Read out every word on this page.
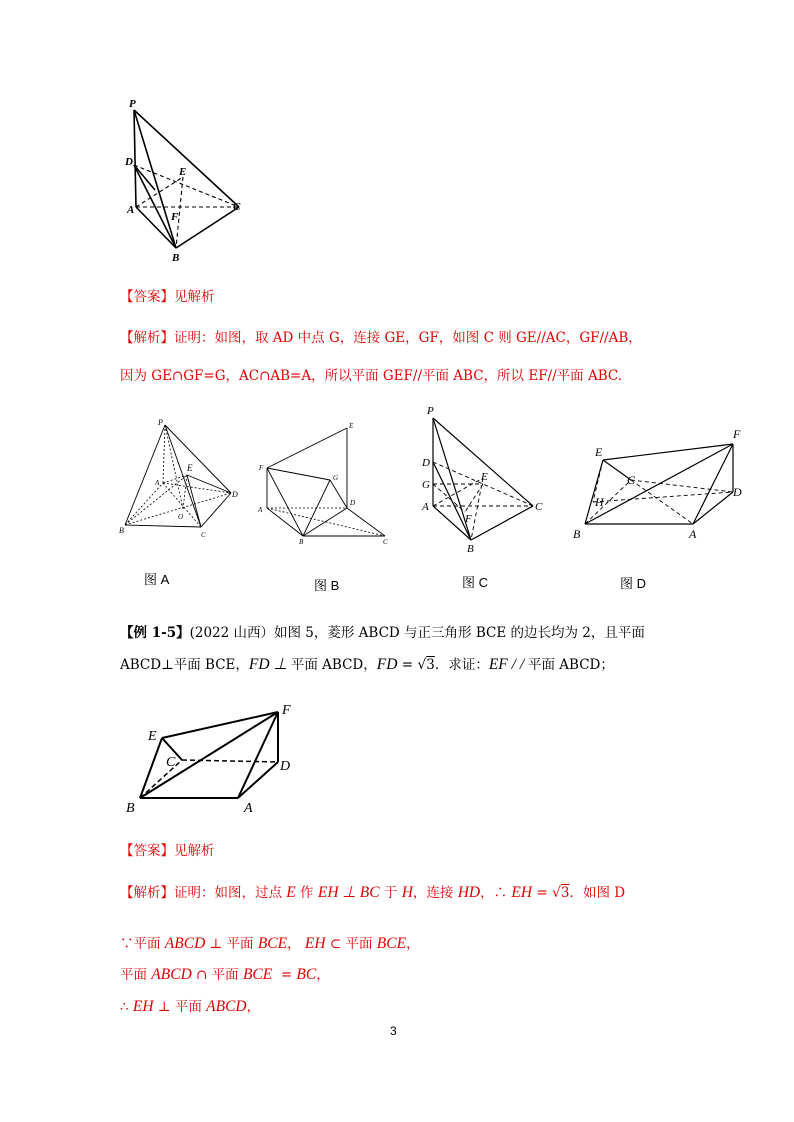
P
D
E
A
F
C
B
【答案】见解析
【解析】证明：如图，取 AD 中点 G，连接 GE，GF，如图 C 则 GE//AC，GF//AB，
因为 GE∩GF=G，AC∩AB=A，所以平面 GEF//平面 ABC，所以 EF//平面 ABC.
P
E
A
D
O
B	C
E
F
G
A
D
B	C
P
D
E
G
A	C
F
B
E
F
C
H
D
B	A
图 A	图 B	图 C	图 D
【例 1-5】(2022 山西）如图 5，菱形 ABCD 与正三角形 BCE 的边长均为 2，且平面
ABCD⊥平面 BCE，FD ⊥ 平面 ABCD，FD = √3．求证：EF / / 平面 ABCD；
E
F
C	D
B	A
【答案】见解析
【解析】证明：如图，过点 E 作 EH ⊥ BC 于 H，连接 HD，∴ EH = √3．如图 D
∵平面 ABCD ⊥ 平面 BCE， EH ⊂ 平面 BCE，
平面 ABCD ∩ 平面 BCE  = BC，
∴ EH ⊥ 平面 ABCD，
3
